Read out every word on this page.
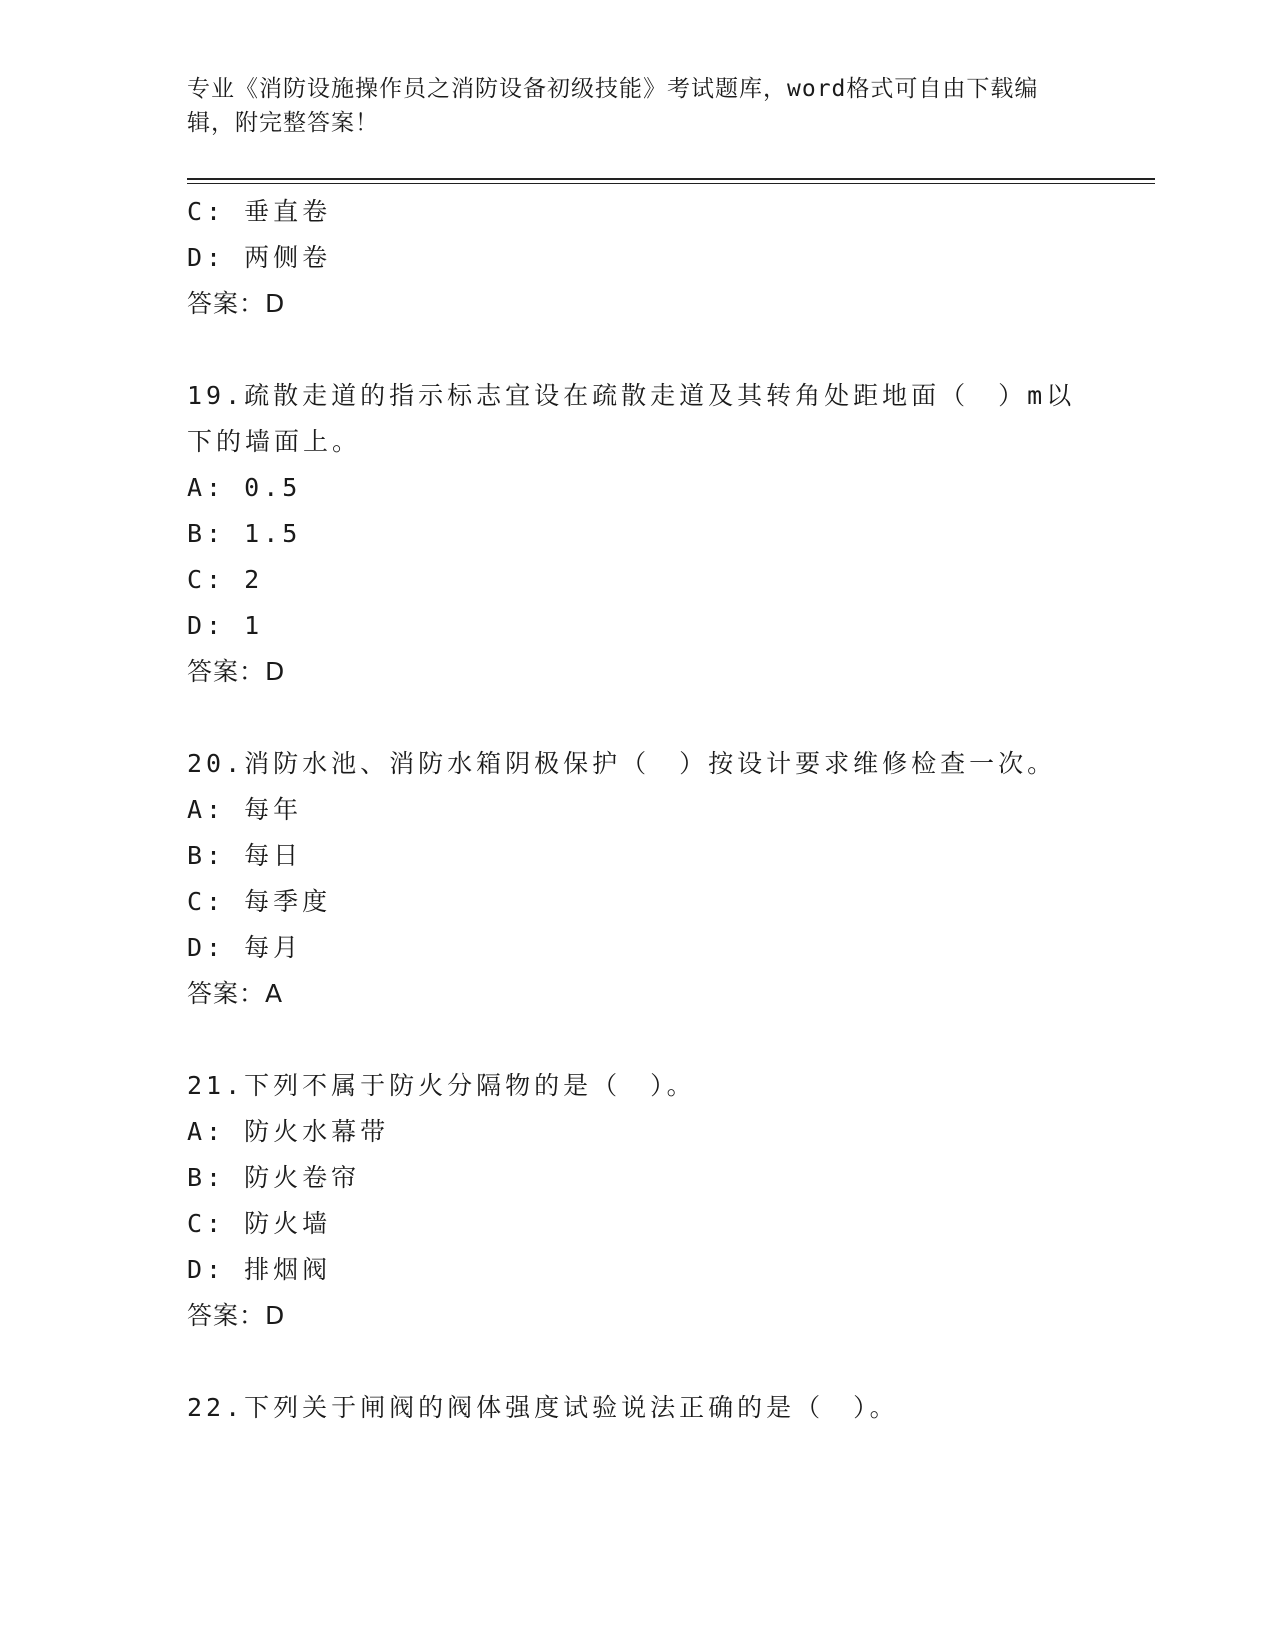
专业《消防设施操作员之消防设备初级技能》考试题库，word格式可自由下载编
辑，附完整答案！
C: 垂直卷
D: 两侧卷
答案：D
19.疏散走道的指示标志宜设在疏散走道及其转角处距地面（　）m以
下的墙面上。
A: 0.5
B: 1.5
C: 2
D: 1
答案：D
20.消防水池、消防水箱阴极保护（　）按设计要求维修检查一次。
A: 每年
B: 每日
C: 每季度
D: 每月
答案：A
21.下列不属于防火分隔物的是（　）。
A: 防火水幕带
B: 防火卷帘
C: 防火墙
D: 排烟阀
答案：D
22.下列关于闸阀的阀体强度试验说法正确的是（　）。
